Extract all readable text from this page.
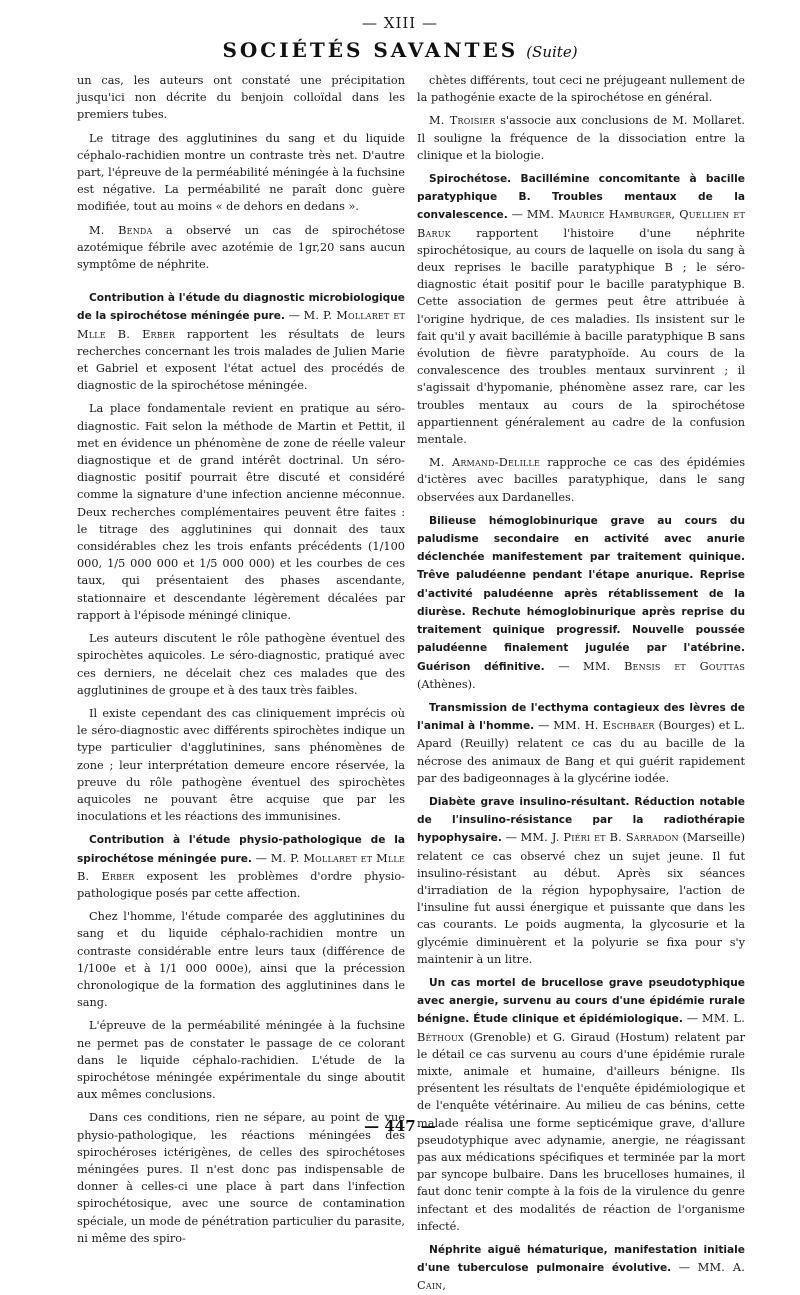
— XIII —
SOCIÉTÉS SAVANTES (Suite)

un cas, les auteurs ont constaté une précipitation jusqu'ici non décrite du benjoin colloïdal dans les premiers tubes.

Le titrage des agglutinines du sang et du liquide céphalo-rachidien montre un contraste très net. D'autre part, l'épreuve de la perméabilité méningée à la fuchsine est négative. La perméabilité ne paraît donc guère modifiée, tout au moins « de dehors en dedans ».

M. Benda a observé un cas de spirochétose azotémique fébrile avec azotémie de 1gr,20 sans aucun symptôme de néphrite.

Contribution à l'étude du diagnostic microbiologique de la spirochétose méningée pure. — M. P. Mollaret et Mlle B. Erber rapportent les résultats de leurs recherches concernant les trois malades de Julien Marie et Gabriel et exposent l'état actuel des procédés de diagnostic de la spirochétose méningée.

La place fondamentale revient en pratique au séro-diagnostic. Fait selon la méthode de Martin et Pettit, il met en évidence un phénomène de zone de réelle valeur diagnostique et de grand intérêt doctrinal. Un séro-diagnostic positif pourrait être discuté et considéré comme la signature d'une infection ancienne méconnue. Deux recherches complémentaires peuvent être faites : le titrage des agglutinines qui donnait des taux considérables chez les trois enfants précédents (1/100 000, 1/5 000 000 et 1/5 000 000) et les courbes de ces taux, qui présentaient des phases ascendante, stationnaire et descendante légèrement décalées par rapport à l'épisode méningé clinique.

Les auteurs discutent le rôle pathogène éventuel des spirochètes aquicoles. Le séro-diagnostic, pratiqué avec ces derniers, ne décelait chez ces malades que des agglutinines de groupe et à des taux très faibles.

Il existe cependant des cas cliniquement imprécis où le séro-diagnostic avec différents spirochètes indique un type particulier d'agglutinines, sans phénomènes de zone ; leur interprétation demeure encore réservée, la preuve du rôle pathogène éventuel des spirochètes aquicoles ne pouvant être acquise que par les inoculations et les réactions des immunisines.

Contribution à l'étude physio-pathologique de la spirochétose méningée pure. — M. P. Mollaret et Mlle B. Erber exposent les problèmes d'ordre physio-pathologique posés par cette affection.

Chez l'homme, l'étude comparée des agglutinines du sang et du liquide céphalo-rachidien montre un contraste considérable entre leurs taux (différence de 1/100e et à 1/1 000 000e), ainsi que la précession chronologique de la formation des agglutinines dans le sang.

L'épreuve de la perméabilité méningée à la fuchsine ne permet pas de constater le passage de ce colorant dans le liquide céphalo-rachidien. L'étude de la spirochétose méningée expérimentale du singe aboutit aux mêmes conclusions.

Dans ces conditions, rien ne sépare, au point de vue physio-pathologique, les réactions méningées des spirochéroses ictérigènes, de celles des spirochétoses méningées pures. Il n'est donc pas indispensable de donner à celles-ci une place à part dans l'infection spirochétosique, avec une source de contamination spéciale, un mode de pénétration particulier du parasite, ni même des spiro-

chètes différents, tout ceci ne préjugeant nullement de la pathogénie exacte de la spirochétose en général.

M. Troisier s'associe aux conclusions de M. Mollaret. Il souligne la fréquence de la dissociation entre la clinique et la biologie.

Spirochétose. Bacillémine concomitante à bacille paratyphique B. Troubles mentaux de la convalescence. — MM. Maurice Hamburger, Quellien et Baruk rapportent l'histoire d'une néphrite spirochétosique, au cours de laquelle on isola du sang à deux reprises le bacille paratyphique B ; le séro-diagnostic était positif pour le bacille paratyphique B. Cette association de germes peut être attribuée à l'origine hydrique, de ces maladies. Ils insistent sur le fait qu'il y avait bacillémie à bacille paratyphique B sans évolution de fièvre paratyphoïde. Au cours de la convalescence des troubles mentaux survinrent ; il s'agissait d'hypomanie, phénomène assez rare, car les troubles mentaux au cours de la spirochétose appartiennent généralement au cadre de la confusion mentale.

M. Armand-Delille rapproche ce cas des épidémies d'ictères avec bacilles paratyphique, dans le sang observées aux Dardanelles.

Bilieuse hémoglobinurique grave au cours du paludisme secondaire en activité avec anurie déclenchée manifestement par traitement quinique. Trêve paludéenne pendant l'étape anurique. Reprise d'activité paludéenne après rétablissement de la diurèse. Rechute hémoglobinurique après reprise du traitement quinique progressif. Nouvelle poussée paludéenne finalement jugulée par l'atébrine. Guérison définitive. — MM. Bensis et Gouttas (Athènes).

Transmission de l'ecthyma contagieux des lèvres de l'animal à l'homme. — MM. H. Eschbaer (Bourges) et L. Apard (Reuilly) relatent ce cas du au bacille de la nécrose des animaux de Bang et qui guérit rapidement par des badigeonnages à la glycérine iodée.

Diabète grave insulino-résultant. Réduction notable de l'insulino-résistance par la radiothérapie hypophysaire. — MM. J. Piéri et B. Sarradon (Marseille) relatent ce cas observé chez un sujet jeune. Il fut insulino-résistant au début. Après six séances d'irradiation de la région hypophysaire, l'action de l'insuline fut aussi énergique et puissante que dans les cas courants. Le poids augmenta, la glycosurie et la glycémie diminuèrent et la polyurie se fixa pour s'y maintenir à un litre.

Un cas mortel de brucellose grave pseudotyphique avec anergie, survenu au cours d'une épidémie rurale bénigne. Étude clinique et épidémiologique. — MM. L. Béthoux (Grenoble) et G. Giraud (Hostum) relatent par le détail ce cas survenu au cours d'une épidémie rurale mixte, animale et humaine, d'ailleurs bénigne. Ils présentent les résultats de l'enquête épidémiologique et de l'enquête vétérinaire. Au milieu de cas bénins, cette malade réalisa une forme septicémique grave, d'allure pseudotyphique avec adynamie, anergie, ne réagissant pas aux médications spécifiques et terminée par la mort par syncope bulbaire. Dans les brucelloses humaines, il faut donc tenir compte à la fois de la virulence du genre infectant et des modalités de réaction de l'organisme infecté.

Néphrite aiguë hématurique, manifestation initiale d'une tuberculose pulmonaire évolutive. — MM. A. Cain,

— 447 —
